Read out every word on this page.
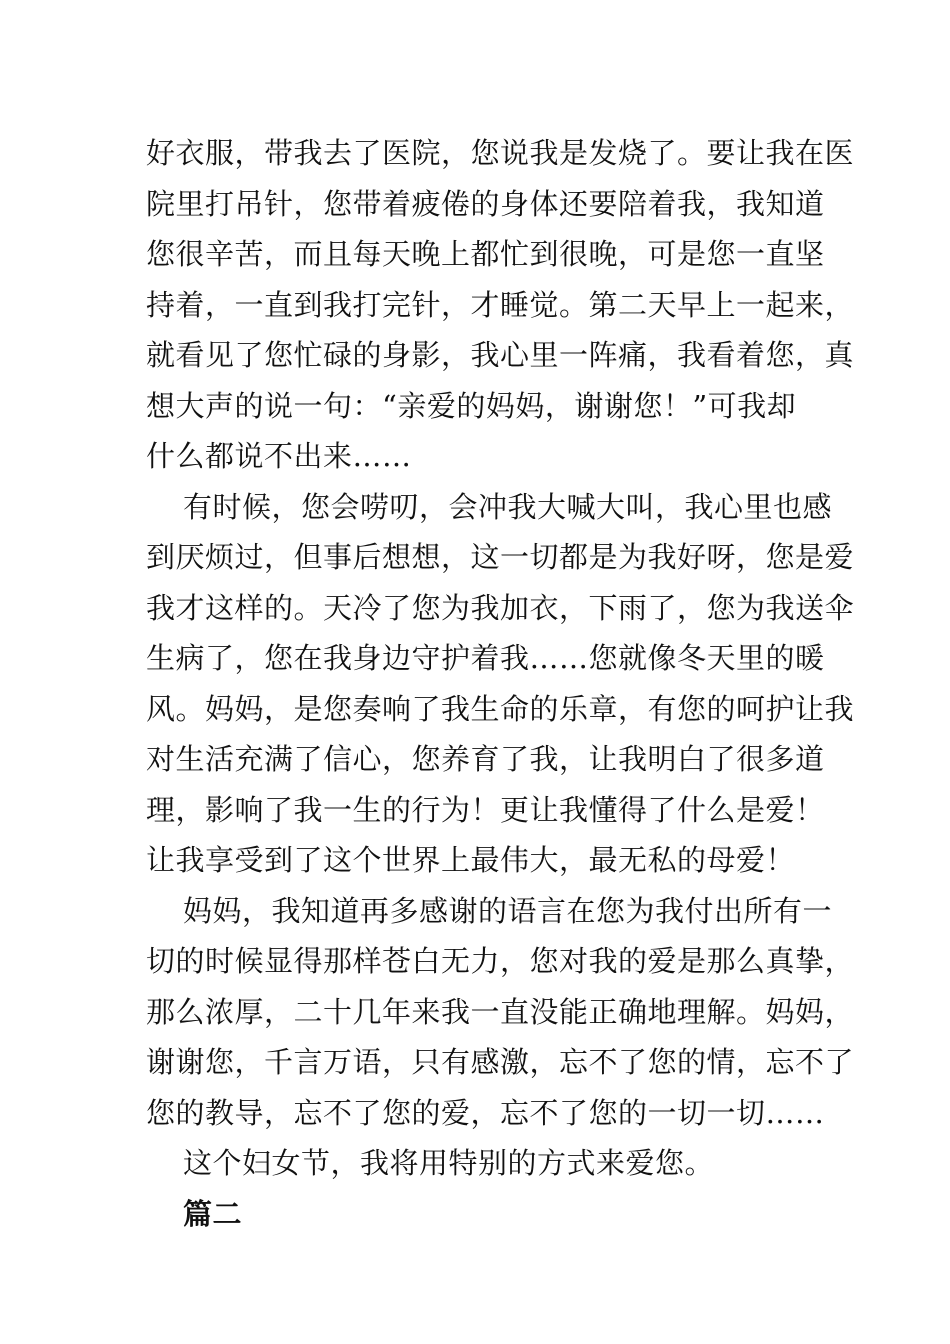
好衣服，带我去了医院，您说我是发烧了。要让我在医
院里打吊针，您带着疲倦的身体还要陪着我，我知道
您很辛苦，而且每天晚上都忙到很晚，可是您一直坚
持着，一直到我打完针，才睡觉。第二天早上一起来，
就看见了您忙碌的身影，我心里一阵痛，我看着您，真
想大声的说一句：“亲爱的妈妈，谢谢您！”可我却
什么都说不出来……
有时候，您会唠叨，会冲我大喊大叫，我心里也感
到厌烦过，但事后想想，这一切都是为我好呀，您是爱
我才这样的。天冷了您为我加衣，下雨了，您为我送伞
生病了，您在我身边守护着我……您就像冬天里的暖
风。妈妈，是您奏响了我生命的乐章，有您的呵护让我
对生活充满了信心，您养育了我，让我明白了很多道
理，影响了我一生的行为！更让我懂得了什么是爱！
让我享受到了这个世界上最伟大，最无私的母爱！
妈妈，我知道再多感谢的语言在您为我付出所有一
切的时候显得那样苍白无力，您对我的爱是那么真挚，
那么浓厚，二十几年来我一直没能正确地理解。妈妈，
谢谢您，千言万语，只有感激，忘不了您的情，忘不了
您的教导，忘不了您的爱，忘不了您的一切一切……
这个妇女节，我将用特别的方式来爱您。
篇二
